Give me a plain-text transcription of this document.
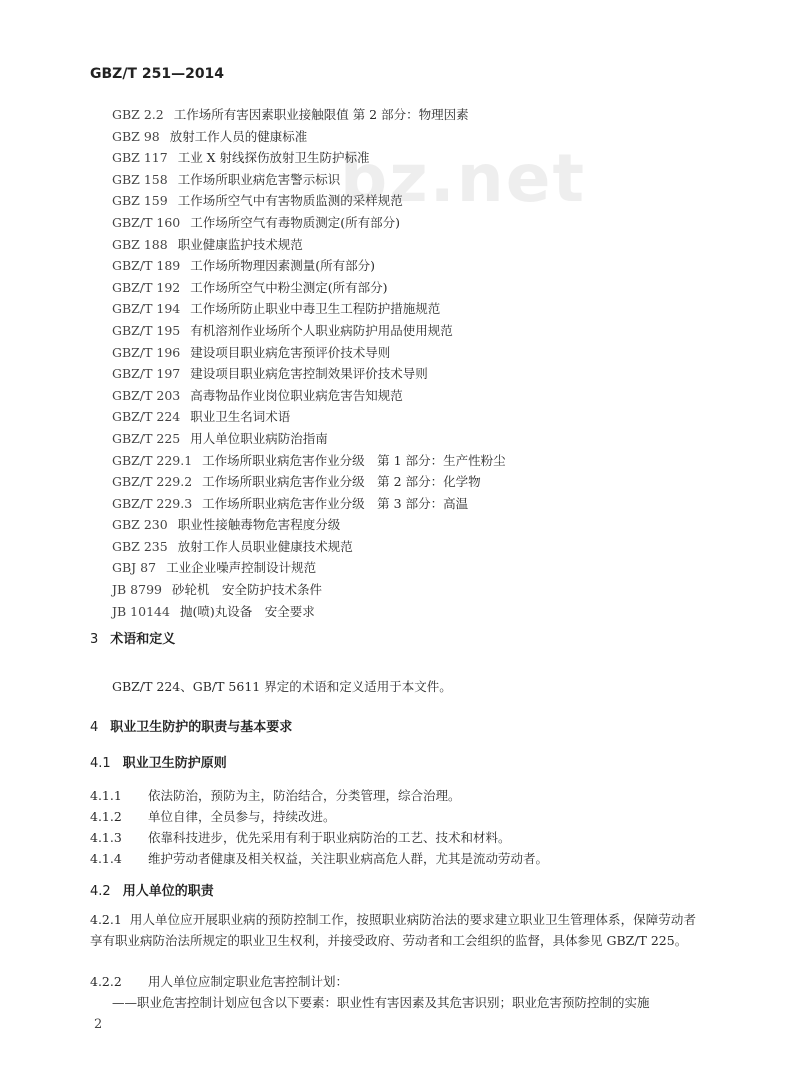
bz.net
GBZ/T 251—2014
GBZ 2.2 工作场所有害因素职业接触限值 第 2 部分：物理因素
GBZ 98 放射工作人员的健康标准
GBZ 117 工业 X 射线探伤放射卫生防护标准
GBZ 158 工作场所职业病危害警示标识
GBZ 159 工作场所空气中有害物质监测的采样规范
GBZ/T 160 工作场所空气有毒物质测定(所有部分)
GBZ 188 职业健康监护技术规范
GBZ/T 189 工作场所物理因素测量(所有部分)
GBZ/T 192 工作场所空气中粉尘测定(所有部分)
GBZ/T 194 工作场所防止职业中毒卫生工程防护措施规范
GBZ/T 195 有机溶剂作业场所个人职业病防护用品使用规范
GBZ/T 196 建设项目职业病危害预评价技术导则
GBZ/T 197 建设项目职业病危害控制效果评价技术导则
GBZ/T 203 高毒物品作业岗位职业病危害告知规范
GBZ/T 224 职业卫生名词术语
GBZ/T 225 用人单位职业病防治指南
GBZ/T 229.1 工作场所职业病危害作业分级　第 1 部分：生产性粉尘
GBZ/T 229.2 工作场所职业病危害作业分级　第 2 部分：化学物
GBZ/T 229.3 工作场所职业病危害作业分级　第 3 部分：高温
GBZ 230 职业性接触毒物危害程度分级
GBZ 235 放射工作人员职业健康技术规范
GBJ 87 工业企业噪声控制设计规范
JB 8799 砂轮机　安全防护技术条件
JB 10144 抛(喷)丸设备　安全要求
3 术语和定义
GBZ/T 224、GB/T 5611 界定的术语和定义适用于本文件。
4 职业卫生防护的职责与基本要求
4.1 职业卫生防护原则
4.1.1 依法防治，预防为主，防治结合，分类管理，综合治理。
4.1.2 单位自律，全员参与，持续改进。
4.1.3 依靠科技进步，优先采用有利于职业病防治的工艺、技术和材料。
4.1.4 维护劳动者健康及相关权益，关注职业病高危人群，尤其是流动劳动者。
4.2 用人单位的职责
4.2.1 用人单位应开展职业病的预防控制工作，按照职业病防治法的要求建立职业卫生管理体系，保障劳动者享有职业病防治法所规定的职业卫生权利，并接受政府、劳动者和工会组织的监督，具体参见 GBZ/T 225。
4.2.2 用人单位应制定职业危害控制计划：
——职业危害控制计划应包含以下要素：职业性有害因素及其危害识别；职业危害预防控制的实施
2
